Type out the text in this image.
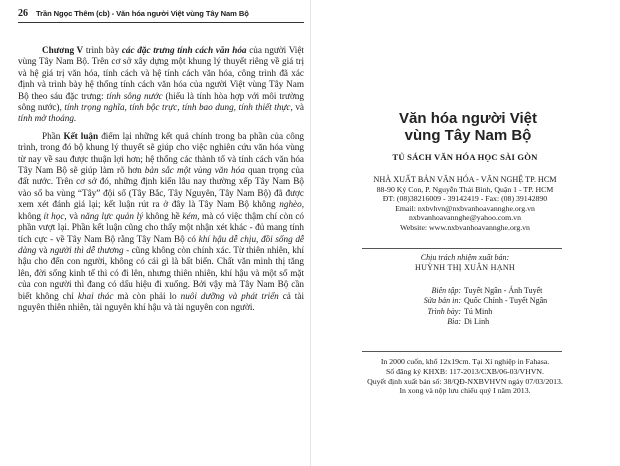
26 Trần Ngọc Thêm (cb) - Văn hóa người Việt vùng Tây Nam Bộ

Chương V trình bày các đặc trưng tính cách văn hóa của người Việt vùng Tây Nam Bộ. Trên cơ sở xây dựng một khung lý thuyết riêng về giá trị và hệ giá trị văn hóa, tính cách và hệ tính cách văn hóa, công trình đã xác định và trình bày hệ thống tính cách văn hóa của người Việt vùng Tây Nam Bộ theo sáu đặc trưng: tính sông nước (hiểu là tính hòa hợp với môi trường sông nước), tính trọng nghĩa, tính bộc trực, tính bao dung, tính thiết thực, và tính mở thoáng.

Phần Kết luận điểm lại những kết quả chính trong ba phần của công trình, trong đó bộ khung lý thuyết sẽ giúp cho việc nghiên cứu văn hóa vùng từ nay về sau được thuận lợi hơn; hệ thống các thành tố và tính cách văn hóa Tây Nam Bộ sẽ giúp làm rõ hơn bản sắc một vùng văn hóa quan trọng của đất nước. Trên cơ sở đó, những định kiến lâu nay thường xếp Tây Nam Bộ vào sổ ba vùng “Tây” đội sổ (Tây Bắc, Tây Nguyên, Tây Nam Bộ) đã được xem xét đánh giá lại; kết luận rút ra ở đây là Tây Nam Bộ không nghèo, không ít học, và năng lực quản lý không hề kém, mà có việc thậm chí còn có phần vượt lại. Phần kết luận cũng cho thấy một nhận xét khác - đủ mang tính tích cực - về Tây Nam Bộ rằng Tây Nam Bộ có khí hậu dễ chịu, đồi sống dễ dàng và người thì dễ thương - cũng không còn chính xác. Từ thiên nhiên, khí hậu cho đến con người, không có cái gì là bất biến. Chất văn minh thị tăng lên, đời sống kinh tế thì có đi lên, nhưng thiên nhiên, khí hậu và một số mặt của con người thì đang có dấu hiệu đi xuống. Bởi vậy mà Tây Nam Bộ cần biết không chỉ khai thác mà còn phải lo nuôi dưỡng và phát triển cả tài nguyên thiên nhiên, tài nguyên khí hậu và tài nguyên con người.

Văn hóa người Việt
vùng Tây Nam Bộ
TỦ SÁCH VĂN HÓA HỌC SÀI GÒN
NHÀ XUẤT BẢN VĂN HÓA - VĂN NGHỆ TP. HCM
88-90 Ký Con, P. Nguyễn Thái Bình, Quận 1 - TP. HCM
ĐT: (08)38216009 - 39142419 - Fax: (08) 39142890
Email: nxbvhvn@nxbvanhoavannghe.org.vn
nxbvanhoavannghe@yahoo.com.vn
Website: www.nxbvanhoavannghe.org.vn
Chịu trách nhiệm xuất bản:
HUỲNH THỊ XUÂN HẠNH
Biên tập: Tuyết Ngân - Ánh Tuyết
Sửa bản in: Quốc Chính - Tuyết Ngân
Trình bày: Tú Minh
Bìa: Di Linh
In 2000 cuốn, khổ 12x19cm. Tại Xí nghiệp in Fahasa.
Số đăng ký KHXB: 117-2013/CXB/06-03/VHVN.
Quyết định xuất bản số: 38/QĐ-NXBVHVN ngày 07/03/2013.
In xong và nộp lưu chiểu quý I năm 2013.
